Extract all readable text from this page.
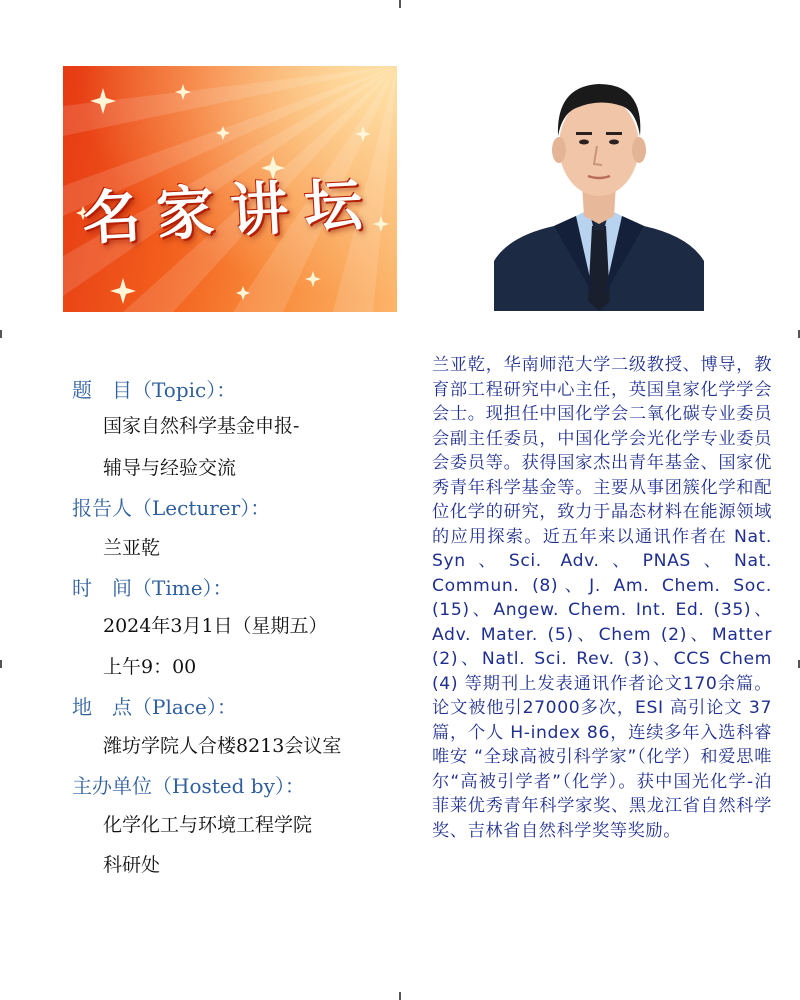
名家讲坛
题　目（Topic）：
国家自然科学基金申报-
辅导与经验交流
报告人（Lecturer）：
兰亚乾
时　间（Time）：
2024年3月1日（星期五）
上午9：00
地　点（Place）：
潍坊学院人合楼8213会议室
主办单位（Hosted by）：
化学化工与环境工程学院
科研处
兰亚乾，华南师范大学二级教授、博导，教育部工程研究中心主任，英国皇家化学学会会士。现担任中国化学会二氧化碳专业委员会副主任委员，中国化学会光化学专业委员会委员等。获得国家杰出青年基金、国家优秀青年科学基金等。主要从事团簇化学和配位化学的研究，致力于晶态材料在能源领域的应用探索。近五年来以通讯作者在 Nat. Syn、Sci. Adv.、PNAS、Nat. Commun. (8)、J. Am. Chem. Soc. (15)、Angew. Chem. Int. Ed. (35)、Adv. Mater. (5)、Chem (2)、Matter (2)、Natl. Sci. Rev. (3)、CCS Chem (4) 等期刊上发表通讯作者论文170余篇。论文被他引27000多次，ESI 高引论文 37 篇，个人 H-index 86，连续多年入选科睿唯安 “全球高被引科学家”（化学）和爱思唯尔“高被引学者”（化学）。获中国光化学-泊菲莱优秀青年科学家奖、黑龙江省自然科学奖、吉林省自然科学奖等奖励。
